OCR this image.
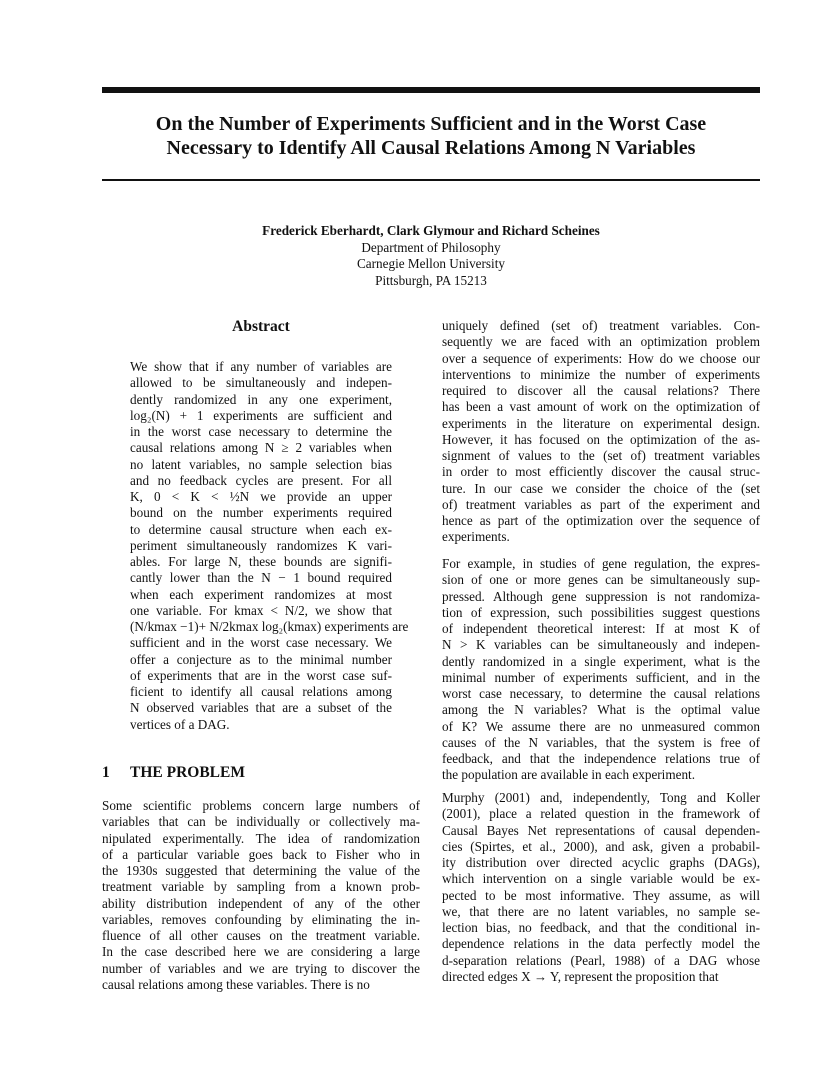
On the Number of Experiments Sufficient and in the Worst Case
Necessary to Identify All Causal Relations Among N Variables
Frederick Eberhardt, Clark Glymour and Richard Scheines
Department of Philosophy
Carnegie Mellon University
Pittsburgh, PA 15213
Abstract
We show that if any number of variables are
allowed to be simultaneously and indepen-
dently randomized in any one experiment,
log₂(N) + 1 experiments are sufficient and
in the worst case necessary to determine the
causal relations among N ≥ 2 variables when
no latent variables, no sample selection bias
and no feedback cycles are present. For all
K, 0 < K < ½N we provide an upper
bound on the number experiments required
to determine causal structure when each ex-
periment simultaneously randomizes K vari-
ables. For large N, these bounds are signifi-
cantly lower than the N − 1 bound required
when each experiment randomizes at most
one variable. For kmax < N/2, we show that
(N/kmax −1)+ N/2kmax log₂(kmax) experiments are
sufficient and in the worst case necessary. We
offer a conjecture as to the minimal number
of experiments that are in the worst case suf-
ficient to identify all causal relations among
N observed variables that are a subset of the
vertices of a DAG.
1 THE PROBLEM
Some scientific problems concern large numbers of
variables that can be individually or collectively ma-
nipulated experimentally. The idea of randomization
of a particular variable goes back to Fisher who in
the 1930s suggested that determining the value of the
treatment variable by sampling from a known prob-
ability distribution independent of any of the other
variables, removes confounding by eliminating the in-
fluence of all other causes on the treatment variable.
In the case described here we are considering a large
number of variables and we are trying to discover the
causal relations among these variables. There is no
uniquely defined (set of) treatment variables. Con-
sequently we are faced with an optimization problem
over a sequence of experiments: How do we choose our
interventions to minimize the number of experiments
required to discover all the causal relations? There
has been a vast amount of work on the optimization of
experiments in the literature on experimental design.
However, it has focused on the optimization of the as-
signment of values to the (set of) treatment variables
in order to most efficiently discover the causal struc-
ture. In our case we consider the choice of the (set
of) treatment variables as part of the experiment and
hence as part of the optimization over the sequence of
experiments.
For example, in studies of gene regulation, the expres-
sion of one or more genes can be simultaneously sup-
pressed. Although gene suppression is not randomiza-
tion of expression, such possibilities suggest questions
of independent theoretical interest: If at most K of
N > K variables can be simultaneously and indepen-
dently randomized in a single experiment, what is the
minimal number of experiments sufficient, and in the
worst case necessary, to determine the causal relations
among the N variables? What is the optimal value
of K? We assume there are no unmeasured common
causes of the N variables, that the system is free of
feedback, and that the independence relations true of
the population are available in each experiment.
Murphy (2001) and, independently, Tong and Koller
(2001), place a related question in the framework of
Causal Bayes Net representations of causal dependen-
cies (Spirtes, et al., 2000), and ask, given a probabil-
ity distribution over directed acyclic graphs (DAGs),
which intervention on a single variable would be ex-
pected to be most informative. They assume, as will
we, that there are no latent variables, no sample se-
lection bias, no feedback, and that the conditional in-
dependence relations in the data perfectly model the
d-separation relations (Pearl, 1988) of a DAG whose
directed edges X → Y, represent the proposition that
